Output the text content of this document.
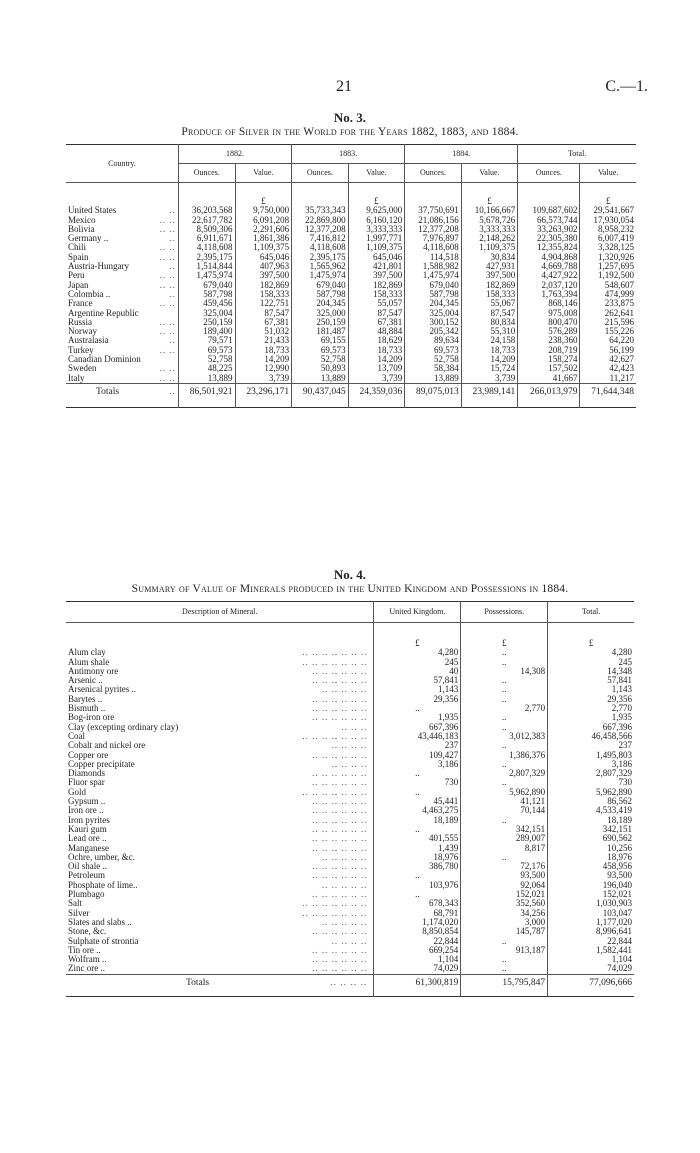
21	C.—1.
No. 3.
Produce of Silver in the World for the Years 1882, 1883, and 1884.
Country.	1882.		1883.		1884.		Total.	
	Ounces.	Value.	Ounces.	Value.	Ounces.	Value.	Ounces.	Value.
		£		£		£		£
United States ..	36,203,568	9,750,000	35,733,343	9,625,000	37,750,691	10,166,667	109,687,602	29,541,667
Mexico .. ..	22,617,782	6,091,208	22,869,800	6,160,120	21,086,156	5,678,726	66,573,744	17,930,054
Bolivia .. ..	8,509,306	2,291,606	12,377,208	3,333,333	12,377,208	3,333,333	33,263,902	8,958,232
Germany .. ..	6,911,671	1,861,386	7,416,812	1,997,771	7,976,897	2,148,262	22,305,380	6,007,419
Chili .. ..	4,118,608	1,109,375	4,118,608	1,109,375	4,118,608	1,109,375	12,355,824	3,328,125
Spain .. ..	2,395,175	645,046	2,395,175	645,046	114,518	30,834	4,904,868	1,320,926
Austria-Hungary ..	1,514,844	407,963	1,565,962	421,801	1,588,982	427,931	4,669,788	1,257,695
Peru .. ..	1,475,974	397,500	1,475,974	397,500	1,475,974	397,500	4,427,922	1,192,500
Japan .. ..	679,040	182,869	679,040	182,869	679,040	182,869	2,037,120	548,607
Colombia .. ..	587,798	158,333	587,798	158,333	587,798	158,333	1,763,394	474,999
France .. ..	459,456	122,751	204,345	55,057	204,345	55,067	868,146	233,875
Argentine Republic	325,004	87,547	325,000	87,547	325,004	87,547	975,008	262,641
Russia .. ..	250,159	67,381	250,159	67,381	300,152	80,834	800,470	215,596
Norway .. ..	189,400	51,032	181,487	48,884	205,342	55,310	576,289	155,226
Australasia ..	79,571	21,433	69,155	18,629	89,634	24,158	238,360	64,220
Turkey .. ..	69,573	18,733	69,573	18,733	69,573	18,733	208,719	56,199
Canadian Dominion	52,758	14,209	52,758	14,209	52,758	14,209	158,274	42,627
Sweden .. ..	48,225	12,990	50,893	13,709	58,384	15,724	157,502	42,423
Italy .. ..	13,889	3,739	13,889	3,739	13,889	3,739	41,667	11,217
Totals ..	86,501,921	23,296,171	90,437,045	24,359,036	89,075,013	23,989,141	266,013,979	71,644,348
No. 4.
Summary of Value of Minerals produced in the United Kingdom and Possessions in 1884.
Description of Mineral.	United Kingdom.	Possessions.	Total.
	£	£	£
Alum clay .. .. .. .. .. .. ..	4,280	..	4,280
Alum shale .. .. .. .. .. .. ..	245	..	245
Antimony ore .. .. .. .. .. ..	40	14,308	14,348
Arsenic .. .. .. .. .. .. ..	57,841	..	57,841
Arsenical pyrites .. .. .. .. .. ..	1,143	..	1,143
Barytes .. .. .. .. .. .. ..	29,356	..	29,356
Bismuth .. .. .. .. .. .. ..	..	2,770	2,770
Bog-iron ore .. .. .. .. .. ..	1,935	..	1,935
Clay (excepting ordinary clay) .. .. ..	667,396	..	667,396
Coal .. .. .. .. .. .. ..	43,446,183	3,012,383	46,458,566
Cobalt and nickel ore .. .. .. ..	237	..	237
Copper ore .. .. .. .. .. ..	109,427	1,386,376	1,495,803
Copper precipitate .. .. .. ..	3,186	..	3,186
Diamonds .. .. .. .. .. ..	..	2,807,329	2,807,329
Fluor spar .. .. .. .. .. ..	730	..	730
Gold .. .. .. .. .. .. ..	..	5,962,890	5,962,890
Gypsum .. .. .. .. .. .. ..	45,441	41,121	86,562
Iron ore .. .. .. .. .. .. ..	4,463,275	70,144	4,533,419
Iron pyrites .. .. .. .. .. ..	18,189	..	18,189
Kauri gum .. .. .. .. .. ..	..	342,151	342,151
Lead ore .. .. .. .. .. .. ..	401,555	289,007	690,562
Manganese .. .. .. .. .. ..	1,439	8,817	10,256
Ochre, umber, &c. .. .. .. .. ..	18,976	..	18,976
Oil shale .. .. .. .. .. .. ..	386,780	72,176	458,956
Petroleum .. .. .. .. .. ..	..	93,500	93,500
Phosphate of lime.. .. .. .. .. ..	103,976	92,064	196,040
Plumbago .. .. .. .. .. ..	..	152,021	152,021
Salt .. .. .. .. .. .. ..	678,343	352,560	1,030,903
Silver .. .. .. .. .. .. ..	68,791	34,256	103,047
Slates and slabs .. .. .. .. .. ..	1,174,020	3,000	1,177,020
Stone, &c. .. .. .. .. .. ..	8,850,854	145,787	8,996,641
Sulphate of strontia .. .. .. ..	22,844	..	22,844
Tin ore .. .. .. .. .. .. ..	669,254	913,187	1,582,441
Wolfram .. .. .. .. .. .. ..	1,104	..	1,104
Zinc ore .. .. .. .. .. .. ..	74,029	..	74,029
Totals .. .. .. ..	61,300,819	15,795,847	77,096,666
